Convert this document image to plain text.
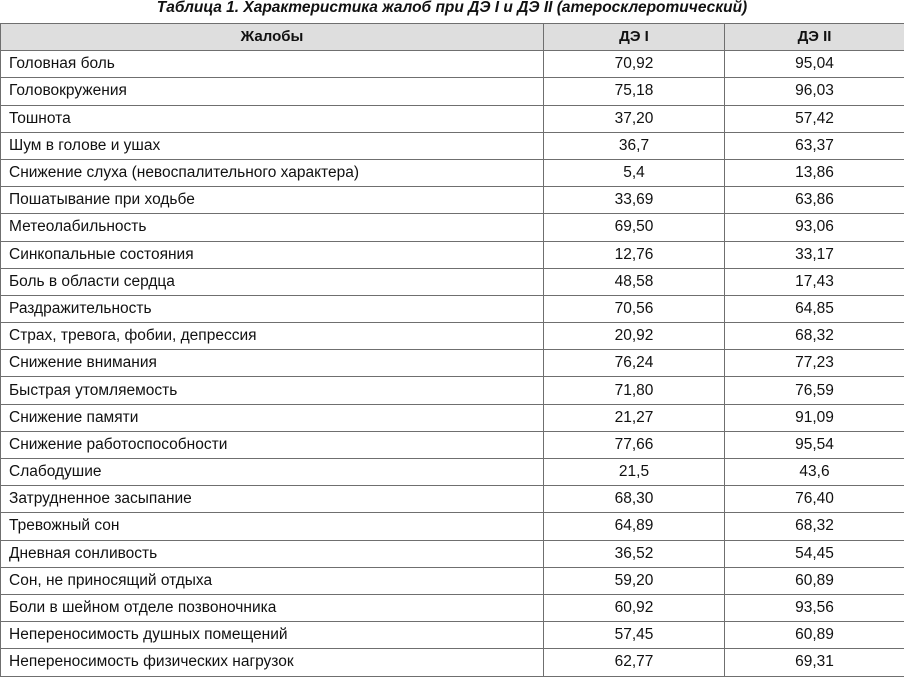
Таблица 1. Характеристика жалоб при ДЭ I и ДЭ II (атеросклеротический)
Жалобы	ДЭ I	ДЭ II
Головная боль	70,92	95,04
Головокружения	75,18	96,03
Тошнота	37,20	57,42
Шум в голове и ушах	36,7	63,37
Снижение слуха (невоспалительного характера)	5,4	13,86
Пошатывание при ходьбе	33,69	63,86
Метеолабильность	69,50	93,06
Синкопальные состояния	12,76	33,17
Боль в области сердца	48,58	17,43
Раздражительность	70,56	64,85
Страх, тревога, фобии, депрессия	20,92	68,32
Снижение внимания	76,24	77,23
Быстрая утомляемость	71,80	76,59
Снижение памяти	21,27	91,09
Снижение работоспособности	77,66	95,54
Слабодушие	21,5	43,6
Затрудненное засыпание	68,30	76,40
Тревожный сон	64,89	68,32
Дневная сонливость	36,52	54,45
Сон, не приносящий отдыха	59,20	60,89
Боли в шейном отделе позвоночника	60,92	93,56
Непереносимость душных помещений	57,45	60,89
Непереносимость физических нагрузок	62,77	69,31
